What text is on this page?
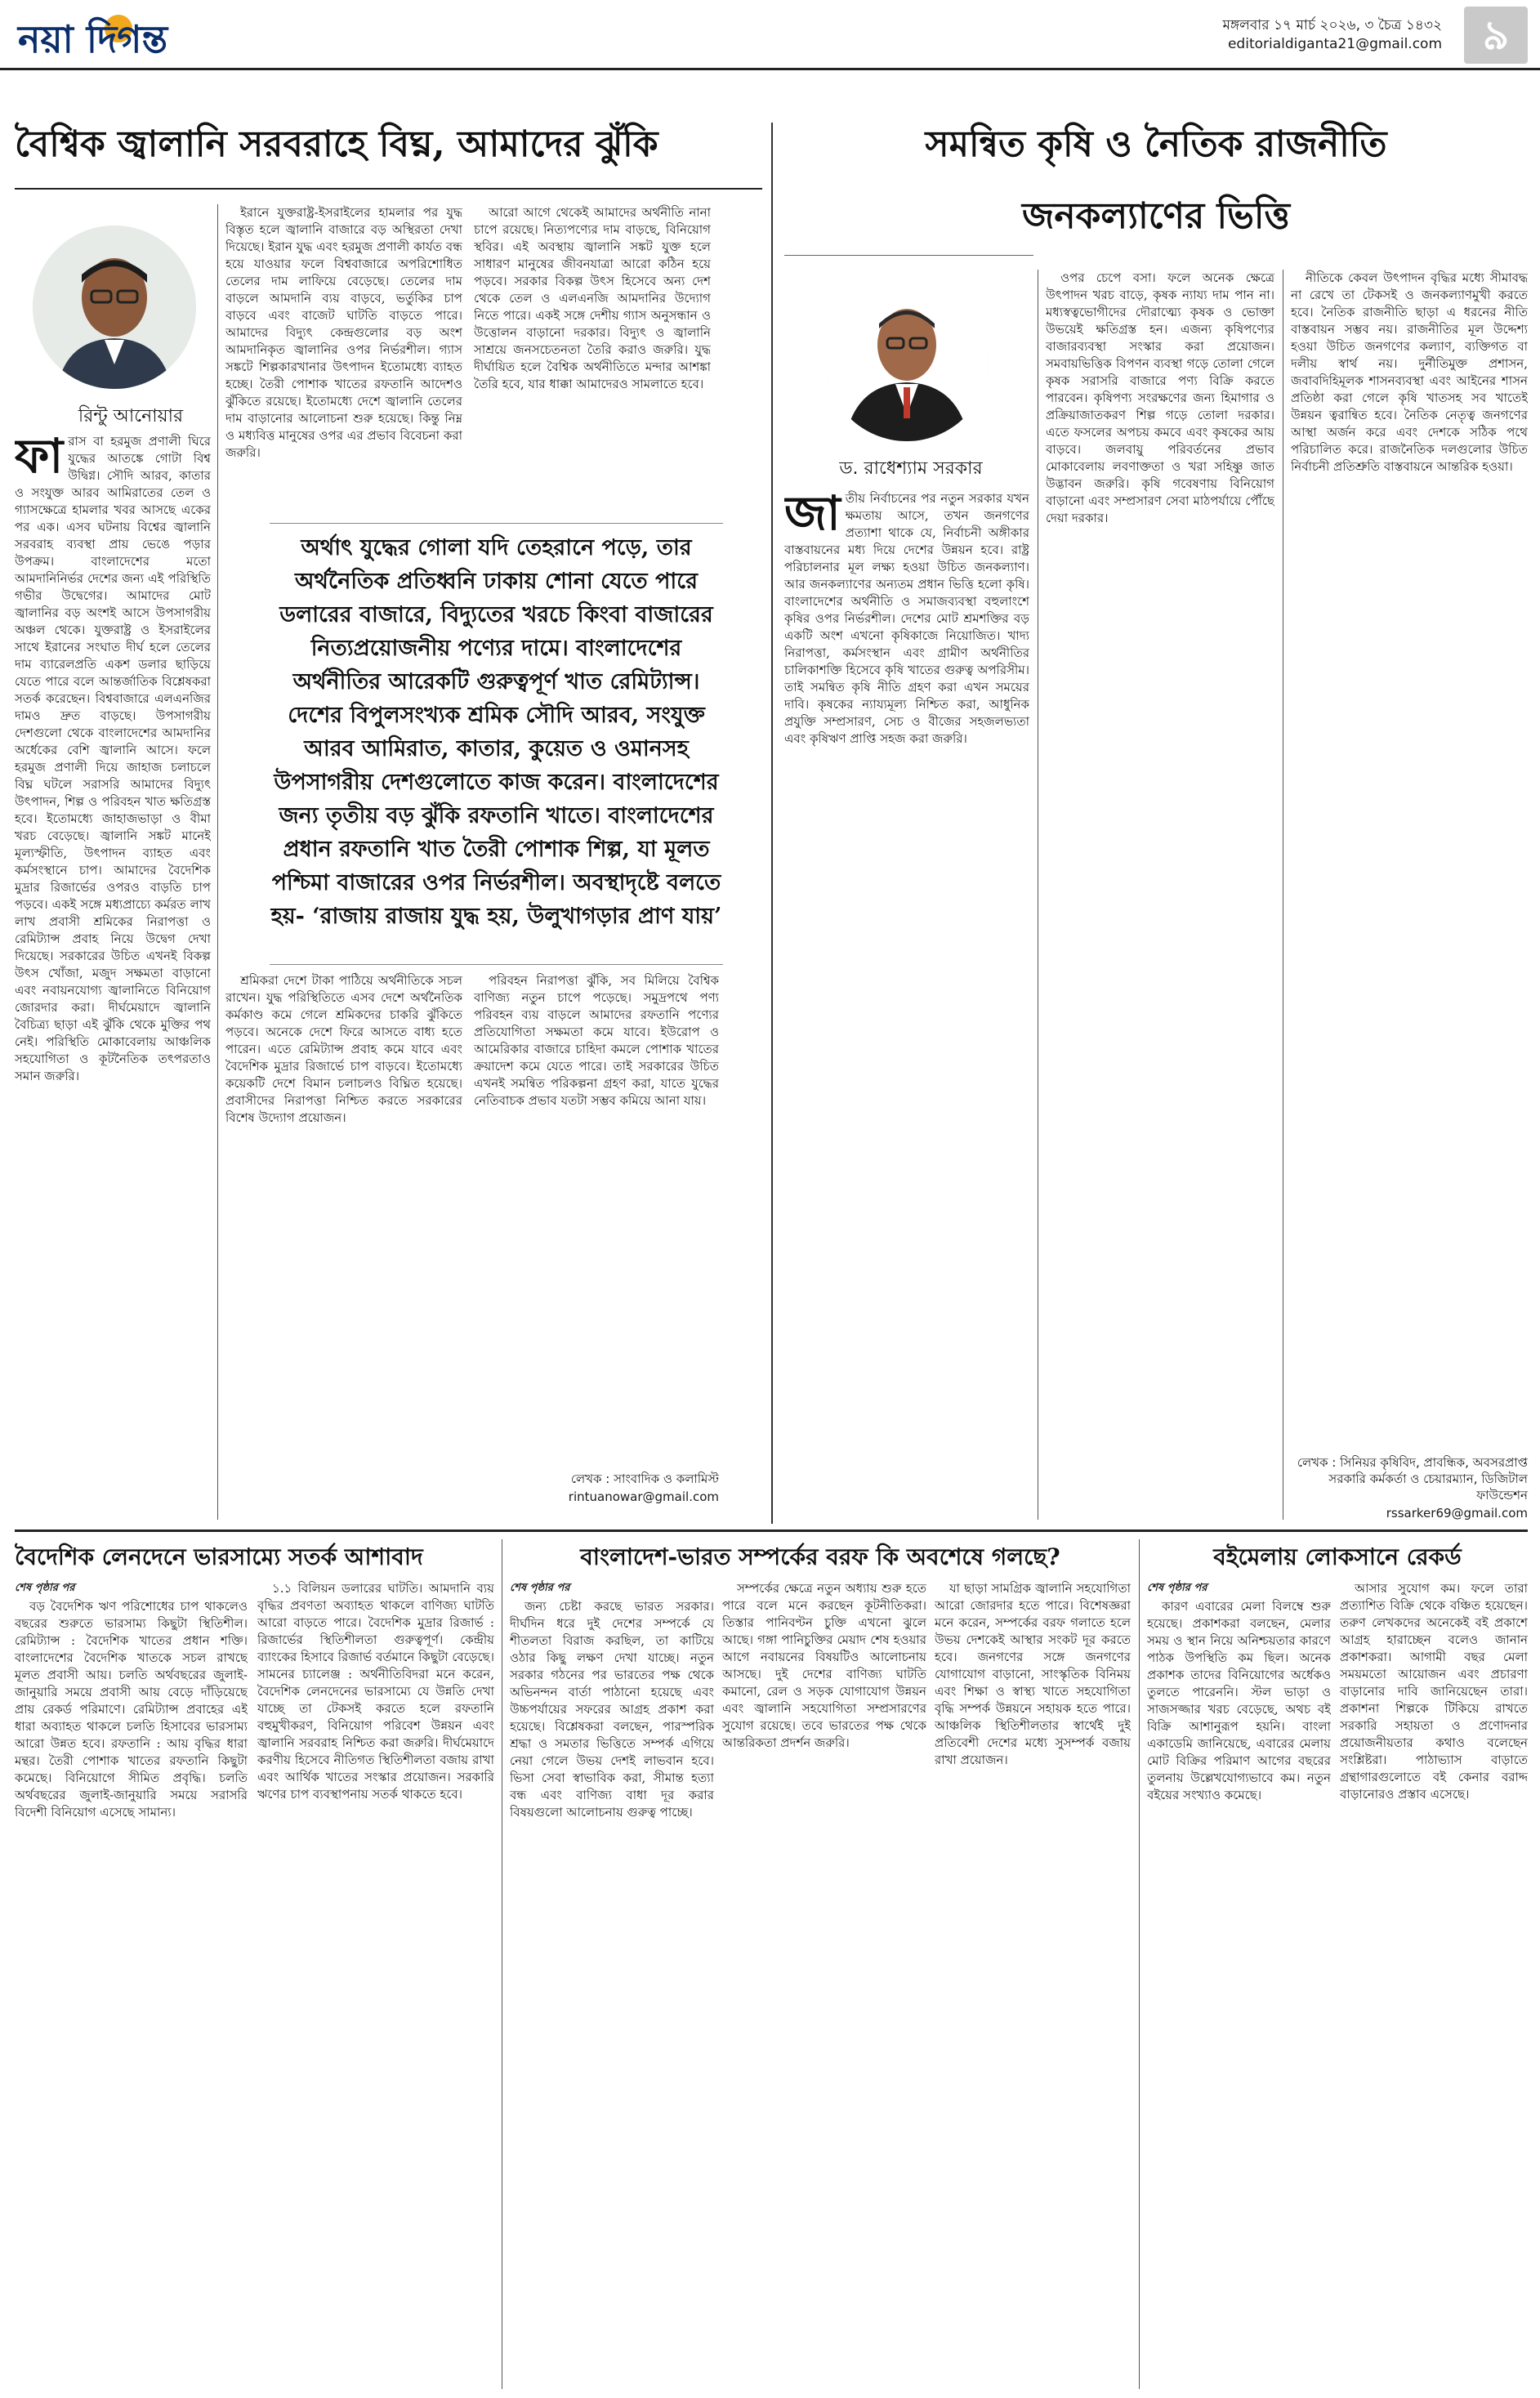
নয়া দিগন্ত	মঙ্গলবার ১৭ মার্চ ২০২৬, ৩ চৈত্র ১৪৩২
editorialdiganta21@gmail.com ৯
বৈশ্বিক জ্বালানি সরবরাহে বিঘ্ন, আমাদের ঝুঁকি
রিন্টু আনোয়ার
ফা রাস বা হরমুজ প্রণালী ঘিরে যুদ্ধের আতঙ্কে গোটা বিশ্ব উদ্বিগ্ন। সৌদি আরব, কাতার ও সংযুক্ত আরব আমিরাতের তেল ও গ্যাসক্ষেত্রে হামলার খবর আসছে একের পর এক। এসব ঘটনায় বিশ্বের জ্বালানি সরবরাহ ব্যবস্থা প্রায় ভেঙে পড়ার উপক্রম। বাংলাদেশের মতো আমদানিনির্ভর দেশের জন্য এই পরিস্থিতি গভীর উদ্বেগের। আমাদের মোট জ্বালানির বড় অংশই আসে উপসাগরীয় অঞ্চল থেকে। যুক্তরাষ্ট্র ও ইসরাইলের সাথে ইরানের সংঘাত দীর্ঘ হলে তেলের দাম ব্যারেলপ্রতি একশ ডলার ছাড়িয়ে যেতে পারে বলে আন্তর্জাতিক বিশ্লেষকরা সতর্ক করেছেন। বিশ্ববাজারে এলএনজির দামও দ্রুত বাড়ছে। উপসাগরীয় দেশগুলো থেকে বাংলাদেশের আমদানির অর্ধেকের বেশি জ্বালানি আসে। ফলে হরমুজ প্রণালী দিয়ে জাহাজ চলাচলে বিঘ্ন ঘটলে সরাসরি আমাদের বিদ্যুৎ উৎপাদন, শিল্প ও পরিবহন খাত ক্ষতিগ্রস্ত হবে। ইতোমধ্যে জাহাজভাড়া ও বীমা খরচ বেড়েছে। জ্বালানি সঙ্কট মানেই মূল্যস্ফীতি, উৎপাদন ব্যাহত এবং কর্মসংস্থানে চাপ। আমাদের বৈদেশিক মুদ্রার রিজার্ভের ওপরও বাড়তি চাপ পড়বে। একই সঙ্গে মধ্যপ্রাচ্যে কর্মরত লাখ লাখ প্রবাসী শ্রমিকের নিরাপত্তা ও রেমিট্যান্স প্রবাহ নিয়ে উদ্বেগ দেখা দিয়েছে। সরকারের উচিত এখনই বিকল্প উৎস খোঁজা, মজুদ সক্ষমতা বাড়ানো এবং নবায়নযোগ্য জ্বালানিতে বিনিয়োগ জোরদার করা। দীর্ঘমেয়াদে জ্বালানি বৈচিত্র্য ছাড়া এই ঝুঁকি থেকে মুক্তির পথ নেই। পরিস্থিতি মোকাবেলায় আঞ্চলিক সহযোগিতা ও কূটনৈতিক তৎপরতাও সমান জরুরি।

ইরানে যুক্তরাষ্ট্র-ইসরাইলের হামলার পর যুদ্ধ বিস্তৃত হলে জ্বালানি বাজারে বড় অস্থিরতা দেখা দিয়েছে। ইরান যুদ্ধ এবং হরমুজ প্রণালী কার্যত বন্ধ হয়ে যাওয়ার ফলে বিশ্ববাজারে অপরিশোধিত তেলের দাম লাফিয়ে বেড়েছে। তেলের দাম বাড়লে আমদানি ব্যয় বাড়বে, ভর্তুকির চাপ বাড়বে এবং বাজেট ঘাটতি বাড়তে পারে। আমাদের বিদ্যুৎ কেন্দ্রগুলোর বড় অংশ আমদানিকৃত জ্বালানির ওপর নির্ভরশীল। গ্যাস সঙ্কটে শিল্পকারখানার উৎপাদন ইতোমধ্যে ব্যাহত হচ্ছে। তৈরী পোশাক খাতের রফতানি আদেশও ঝুঁকিতে রয়েছে। ইতোমধ্যে দেশে জ্বালানি তেলের দাম বাড়ানোর আলোচনা শুরু হয়েছে। কিন্তু নিম্ন ও মধ্যবিত্ত মানুষের ওপর এর প্রভাব বিবেচনা করা জরুরি।

আরো আগে থেকেই আমাদের অর্থনীতি নানা চাপে রয়েছে। নিত্যপণ্যের দাম বাড়ছে, বিনিয়োগ স্থবির। এই অবস্থায় জ্বালানি সঙ্কট যুক্ত হলে সাধারণ মানুষের জীবনযাত্রা আরো কঠিন হয়ে পড়বে। সরকার বিকল্প উৎস হিসেবে অন্য দেশ থেকে তেল ও এলএনজি আমদানির উদ্যোগ নিতে পারে। একই সঙ্গে দেশীয় গ্যাস অনুসন্ধান ও উত্তোলন বাড়ানো দরকার। বিদ্যুৎ ও জ্বালানি সাশ্রয়ে জনসচেতনতা তৈরি করাও জরুরি। যুদ্ধ দীর্ঘায়িত হলে বৈশ্বিক অর্থনীতিতে মন্দার আশঙ্কা তৈরি হবে, যার ধাক্কা আমাদেরও সামলাতে হবে।

অর্থাৎ যুদ্ধের গোলা যদি তেহরানে পড়ে, তার অর্থনৈতিক প্রতিধ্বনি ঢাকায় শোনা যেতে পারে ডলারের বাজারে, বিদ্যুতের খরচে কিংবা বাজারের নিত্যপ্রয়োজনীয় পণ্যের দামে। বাংলাদেশের অর্থনীতির আরেকটি গুরুত্বপূর্ণ খাত রেমিট্যান্স। দেশের বিপুলসংখ্যক শ্রমিক সৌদি আরব, সংযুক্ত আরব আমিরাত, কাতার, কুয়েত ও ওমানসহ উপসাগরীয় দেশগুলোতে কাজ করেন। বাংলাদেশের জন্য তৃতীয় বড় ঝুঁকি রফতানি খাতে। বাংলাদেশের প্রধান রফতানি খাত তৈরী পোশাক শিল্প, যা মূলত পশ্চিমা বাজারের ওপর নির্ভরশীল। অবস্থাদৃষ্টে বলতে হয়- ‘রাজায় রাজায় যুদ্ধ হয়, উলুখাগড়ার প্রাণ যায়’

শ্রমিকরা দেশে টাকা পাঠিয়ে অর্থনীতিকে সচল রাখেন। যুদ্ধ পরিস্থিতিতে এসব দেশে অর্থনৈতিক কর্মকাণ্ড কমে গেলে শ্রমিকদের চাকরি ঝুঁকিতে পড়বে। অনেকে দেশে ফিরে আসতে বাধ্য হতে পারেন। এতে রেমিট্যান্স প্রবাহ কমে যাবে এবং বৈদেশিক মুদ্রার রিজার্ভে চাপ বাড়বে। ইতোমধ্যে কয়েকটি দেশে বিমান চলাচলও বিঘ্নিত হয়েছে। প্রবাসীদের নিরাপত্তা নিশ্চিত করতে সরকারের বিশেষ উদ্যোগ প্রয়োজন।

পরিবহন নিরাপত্তা ঝুঁকি, সব মিলিয়ে বৈশ্বিক বাণিজ্য নতুন চাপে পড়েছে। সমুদ্রপথে পণ্য পরিবহন ব্যয় বাড়লে আমাদের রফতানি পণ্যের প্রতিযোগিতা সক্ষমতা কমে যাবে। ইউরোপ ও আমেরিকার বাজারে চাহিদা কমলে পোশাক খাতের ক্রয়াদেশ কমে যেতে পারে। তাই সরকারের উচিত এখনই সমন্বিত পরিকল্পনা গ্রহণ করা, যাতে যুদ্ধের নেতিবাচক প্রভাব যতটা সম্ভব কমিয়ে আনা যায়।

লেখক : সাংবাদিক ও কলামিস্ট
rintuanowar@gmail.com
সমন্বিত কৃষি ও নৈতিক রাজনীতি
জনকল্যাণের ভিত্তি
ড. রাধেশ্যাম সরকার
জা তীয় নির্বাচনের পর নতুন সরকার যখন ক্ষমতায় আসে, তখন জনগণের প্রত্যাশা থাকে যে, নির্বাচনী অঙ্গীকার বাস্তবায়নের মধ্য দিয়ে দেশের উন্নয়ন হবে। রাষ্ট্র পরিচালনার মূল লক্ষ্য হওয়া উচিত জনকল্যাণ। আর জনকল্যাণের অন্যতম প্রধান ভিত্তি হলো কৃষি। বাংলাদেশের অর্থনীতি ও সমাজব্যবস্থা বহুলাংশে কৃষির ওপর নির্ভরশীল। দেশের মোট শ্রমশক্তির বড় একটি অংশ এখনো কৃষিকাজে নিয়োজিত। খাদ্য নিরাপত্তা, কর্মসংস্থান এবং গ্রামীণ অর্থনীতির চালিকাশক্তি হিসেবে কৃষি খাতের গুরুত্ব অপরিসীম। তাই সমন্বিত কৃষি নীতি গ্রহণ করা এখন সময়ের দাবি। কৃষকের ন্যায্যমূল্য নিশ্চিত করা, আধুনিক প্রযুক্তি সম্প্রসারণ, সেচ ও বীজের সহজলভ্যতা এবং কৃষিঋণ প্রাপ্তি সহজ করা জরুরি।

ওপর চেপে বসা। ফলে অনেক ক্ষেত্রে উৎপাদন খরচ বাড়ে, কৃষক ন্যায্য দাম পান না। মধ্যস্বত্বভোগীদের দৌরাত্ম্যে কৃষক ও ভোক্তা উভয়েই ক্ষতিগ্রস্ত হন। এজন্য কৃষিপণ্যের বাজারব্যবস্থা সংস্কার করা প্রয়োজন। সমবায়ভিত্তিক বিপণন ব্যবস্থা গড়ে তোলা গেলে কৃষক সরাসরি বাজারে পণ্য বিক্রি করতে পারবেন। কৃষিপণ্য সংরক্ষণের জন্য হিমাগার ও প্রক্রিয়াজাতকরণ শিল্প গড়ে তোলা দরকার। এতে ফসলের অপচয় কমবে এবং কৃষকের আয় বাড়বে। জলবায়ু পরিবর্তনের প্রভাব মোকাবেলায় লবণাক্ততা ও খরা সহিষ্ণু জাত উদ্ভাবন জরুরি। কৃষি গবেষণায় বিনিয়োগ বাড়ানো এবং সম্প্রসারণ সেবা মাঠপর্যায়ে পৌঁছে দেয়া দরকার।

নীতিকে কেবল উৎপাদন বৃদ্ধির মধ্যে সীমাবদ্ধ না রেখে তা টেকসই ও জনকল্যাণমুখী করতে হবে। নৈতিক রাজনীতি ছাড়া এ ধরনের নীতি বাস্তবায়ন সম্ভব নয়। রাজনীতির মূল উদ্দেশ্য হওয়া উচিত জনগণের কল্যাণ, ব্যক্তিগত বা দলীয় স্বার্থ নয়। দুর্নীতিমুক্ত প্রশাসন, জবাবদিহিমূলক শাসনব্যবস্থা এবং আইনের শাসন প্রতিষ্ঠা করা গেলে কৃষি খাতসহ সব খাতেই উন্নয়ন ত্বরান্বিত হবে। নৈতিক নেতৃত্ব জনগণের আস্থা অর্জন করে এবং দেশকে সঠিক পথে পরিচালিত করে। রাজনৈতিক দলগুলোর উচিত নির্বাচনী প্রতিশ্রুতি বাস্তবায়নে আন্তরিক হওয়া।

লেখক : সিনিয়র কৃষিবিদ, প্রাবন্ধিক, অবসরপ্রাপ্ত সরকারি কর্মকর্তা ও চেয়ারম্যান, ডিজিটাল ফাউন্ডেশন
rssarker69@gmail.com
বৈদেশিক লেনদেনে ভারসাম্যে সতর্ক আশাবাদ
শেষ পৃষ্ঠার পর

বড় বৈদেশিক ঋণ পরিশোধের চাপ থাকলেও বছরের শুরুতে ভারসাম্য কিছুটা স্থিতিশীল। রেমিট্যান্স : বৈদেশিক খাতের প্রধান শক্তি। বাংলাদেশের বৈদেশিক খাতকে সচল রাখছে মূলত প্রবাসী আয়। চলতি অর্থবছরের জুলাই-জানুয়ারি সময়ে প্রবাসী আয় বেড়ে দাঁড়িয়েছে প্রায় রেকর্ড পরিমাণে। রেমিট্যান্স প্রবাহের এই ধারা অব্যাহত থাকলে চলতি হিসাবের ভারসাম্য আরো উন্নত হবে। রফতানি : আয় বৃদ্ধির ধারা মন্থর। তৈরী পোশাক খাতের রফতানি কিছুটা কমেছে। বিনিয়োগে সীমিত প্রবৃদ্ধি। চলতি অর্থবছরের জুলাই-জানুয়ারি সময়ে সরাসরি বিদেশী বিনিয়োগ এসেছে সামান্য।

১.১ বিলিয়ন ডলারের ঘাটতি। আমদানি ব্যয় বৃদ্ধির প্রবণতা অব্যাহত থাকলে বাণিজ্য ঘাটতি আরো বাড়তে পারে। বৈদেশিক মুদ্রার রিজার্ভ : রিজার্ভের স্থিতিশীলতা গুরুত্বপূর্ণ। কেন্দ্রীয় ব্যাংকের হিসাবে রিজার্ভ বর্তমানে কিছুটা বেড়েছে। সামনের চ্যালেঞ্জ : অর্থনীতিবিদরা মনে করেন, বৈদেশিক লেনদেনের ভারসাম্যে যে উন্নতি দেখা যাচ্ছে তা টেকসই করতে হলে রফতানি বহুমুখীকরণ, বিনিয়োগ পরিবেশ উন্নয়ন এবং জ্বালানি সরবরাহ নিশ্চিত করা জরুরি। দীর্ঘমেয়াদে করণীয় হিসেবে নীতিগত স্থিতিশীলতা বজায় রাখা এবং আর্থিক খাতের সংস্কার প্রয়োজন। সরকারি ঋণের চাপ ব্যবস্থাপনায় সতর্ক থাকতে হবে।

বাংলাদেশ-ভারত সম্পর্কের বরফ কি অবশেষে গলছে?
শেষ পৃষ্ঠার পর

জন্য চেষ্টা করছে ভারত সরকার। দীর্ঘদিন ধরে দুই দেশের সম্পর্কে যে শীতলতা বিরাজ করছিল, তা কাটিয়ে ওঠার কিছু লক্ষণ দেখা যাচ্ছে। নতুন সরকার গঠনের পর ভারতের পক্ষ থেকে অভিনন্দন বার্তা পাঠানো হয়েছে এবং উচ্চপর্যায়ের সফরের আগ্রহ প্রকাশ করা হয়েছে। বিশ্লেষকরা বলছেন, পারস্পরিক শ্রদ্ধা ও সমতার ভিত্তিতে সম্পর্ক এগিয়ে নেয়া গেলে উভয় দেশই লাভবান হবে। ভিসা সেবা স্বাভাবিক করা, সীমান্ত হত্যা বন্ধ এবং বাণিজ্য বাধা দূর করার বিষয়গুলো আলোচনায় গুরুত্ব পাচ্ছে।

সম্পর্কের ক্ষেত্রে নতুন অধ্যায় শুরু হতে পারে বলে মনে করছেন কূটনীতিকরা। তিস্তার পানিবণ্টন চুক্তি এখনো ঝুলে আছে। গঙ্গা পানিচুক্তির মেয়াদ শেষ হওয়ার আগে নবায়নের বিষয়টিও আলোচনায় আসছে। দুই দেশের বাণিজ্য ঘাটতি কমানো, রেল ও সড়ক যোগাযোগ উন্নয়ন এবং জ্বালানি সহযোগিতা সম্প্রসারণের সুযোগ রয়েছে। তবে ভারতের পক্ষ থেকে আন্তরিকতা প্রদর্শন জরুরি।

যা ছাড়া সামগ্রিক জ্বালানি সহযোগিতা আরো জোরদার হতে পারে। বিশেষজ্ঞরা মনে করেন, সম্পর্কের বরফ গলাতে হলে উভয় দেশকেই আস্থার সংকট দূর করতে হবে। জনগণের সঙ্গে জনগণের যোগাযোগ বাড়ানো, সাংস্কৃতিক বিনিময় এবং শিক্ষা ও স্বাস্থ্য খাতে সহযোগিতা বৃদ্ধি সম্পর্ক উন্নয়নে সহায়ক হতে পারে। আঞ্চলিক স্থিতিশীলতার স্বার্থেই দুই প্রতিবেশী দেশের মধ্যে সুসম্পর্ক বজায় রাখা প্রয়োজন।

বইমেলায় লোকসানে রেকর্ড
শেষ পৃষ্ঠার পর

কারণ এবারের মেলা বিলম্বে শুরু হয়েছে। প্রকাশকরা বলছেন, মেলার সময় ও স্থান নিয়ে অনিশ্চয়তার কারণে পাঠক উপস্থিতি কম ছিল। অনেক প্রকাশক তাদের বিনিয়োগের অর্ধেকও তুলতে পারেননি। স্টল ভাড়া ও সাজসজ্জার খরচ বেড়েছে, অথচ বই বিক্রি আশানুরূপ হয়নি। বাংলা একাডেমি জানিয়েছে, এবারের মেলায় মোট বিক্রির পরিমাণ আগের বছরের তুলনায় উল্লেখযোগ্যভাবে কম। নতুন বইয়ের সংখ্যাও কমেছে।

আসার সুযোগ কম। ফলে তারা প্রত্যাশিত বিক্রি থেকে বঞ্চিত হয়েছেন। তরুণ লেখকদের অনেকেই বই প্রকাশে আগ্রহ হারাচ্ছেন বলেও জানান প্রকাশকরা। আগামী বছর মেলা সময়মতো আয়োজন এবং প্রচারণা বাড়ানোর দাবি জানিয়েছেন তারা। প্রকাশনা শিল্পকে টিকিয়ে রাখতে সরকারি সহায়তা ও প্রণোদনার প্রয়োজনীয়তার কথাও বলেছেন সংশ্লিষ্টরা। পাঠাভ্যাস বাড়াতে গ্রন্থাগারগুলোতে বই কেনার বরাদ্দ বাড়ানোরও প্রস্তাব এসেছে।
